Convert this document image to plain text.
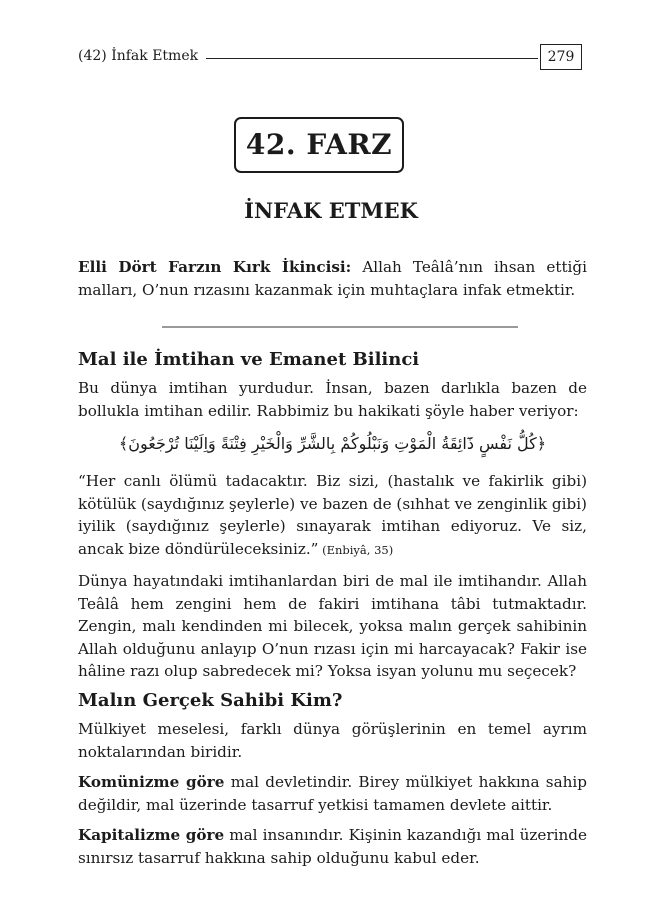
(42) İnfak Etmek	279
42. FARZ
İNFAK ETMEK
Elli Dört Farzın Kırk İkincisi: Allah Teâlâ’nın ihsan ettiği malları, O’nun rızasını kazanmak için muhtaçlara infak etmektir.
Mal ile İmtihan ve Emanet Bilinci
Bu dünya imtihan yurdudur. İnsan, bazen darlıkla bazen de bollukla imtihan edilir. Rabbimiz bu hakikati şöyle haber veriyor:
﴿كُلُّ نَفْسٍ ذَٓائِقَةُ الْمَوْتِ وَنَبْلُوكُمْ بِالشَّرِّ وَالْخَيْرِ فِتْنَةً وَاِلَيْنَا تُرْجَعُونَ﴾
“Her canlı ölümü tadacaktır. Biz sizi, (hastalık ve fakirlik gibi) kötülük (saydığınız şeylerle) ve bazen de (sıhhat ve zenginlik gibi) iyilik (saydığınız şeylerle) sınayarak imtihan ediyoruz. Ve siz, ancak bize döndürüleceksiniz.” (Enbiyâ, 35)
Dünya hayatındaki imtihanlardan biri de mal ile imtihandır. Allah Teâlâ hem zengini hem de fakiri imtihana tâbi tutmaktadır. Zengin, malı kendinden mi bilecek, yoksa malın gerçek sahibinin Allah olduğunu anlayıp O’nun rızası için mi harcayacak? Fakir ise hâline razı olup sabredecek mi? Yoksa isyan yolunu mu seçecek?
Malın Gerçek Sahibi Kim?
Mülkiyet meselesi, farklı dünya görüşlerinin en temel ayrım noktalarından biridir.
Komünizme göre mal devletindir. Birey mülkiyet hakkına sahip değildir, mal üzerinde tasarruf yetkisi tamamen devlete aittir.
Kapitalizme göre mal insanındır. Kişinin kazandığı mal üzerinde sınırsız tasarruf hakkına sahip olduğunu kabul eder.
